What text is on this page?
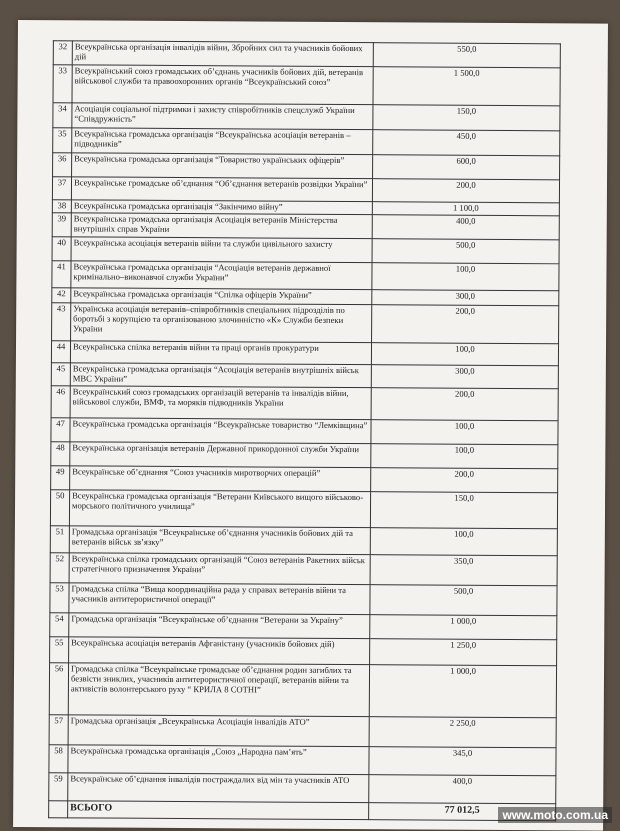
32	Всеукраїнська організація інвалідів війни, Збройних сил та учасників бойових дій	550,0
33	Всеукраїнський союз громадських об’єднань учасників бойових дій, ветеранів військової служби та правоохоронних органів “Всеукраїнський союз”	1 500,0
34	Асоціація соціальної підтримки і захисту співробітників спецслужб України “Співдружність”	150,0
35	Всеукраїнська громадська організація “Всеукраїнська асоціація ветеранів – підводників”	450,0
36	Всеукраїнська громадська організація “Товариство українських офіцерів”	600,0
37	Всеукраїнське громадське об’єднання “Об’єднання ветеранів розвідки України”	200,0
38	Всеукраїнська громадська організація “Закінчимо війну”	1 100,0
39	Всеукраїнська громадська організація Асоціація ветеранів Міністерства внутрішніх справ України	400,0
40	Всеукраїнська асоціація ветеранів війни та служби цивільного захисту	500,0
41	Всеукраїнська громадська організація “Асоціація ветеранів державної кримінально–виконавчої служби України”	100,0
42	Всеукраїнська громадська організація “Спілка офіцерів України”	300,0
43	Українська асоціація ветеранів–співробітників спеціальних підрозділів по боротьбі з корупцією та організованою злочинністю «К» Служби безпеки України	200,0
44	Всеукраїнська спілка ветеранів війни та праці органів прокуратури	100,0
45	Всеукраїнська громадська організація “Асоціація ветеранів внутрішніх військ МВС України”	300,0
46	Всеукраїнський союз громадських організацій ветеранів та інвалідів війни, військової служби, ВМФ, та моряків підводників України	200,0
47	Всеукраїнська громадська організація “Всеукраїнське товариство “Лемківщина”	100,0
48	Всеукраїнська організація ветеранів Державної прикордонної служби України	100,0
49	Всеукраїнське об’єднання “Союз учасників миротворчих операцій”	200,0
50	Всеукраїнська громадська організація “Ветерани Київського вищого військово-морського політичного училища”	150,0
51	Громадська організація “Всеукраїнське об’єднання учасників бойових дій та ветеранів військ зв’язку”	100,0
52	Всеукраїнська спілка громадських організацій “Союз ветеранів Ракетних військ стратегічного призначення України”	350,0
53	Громадська спілка “Вища координаційна рада у справах ветеранів війни та учасників антитерористичної операції”	500,0
54	Громадська організація “Всеукраїнське об’єднання “Ветерани за Україну”	1 000,0
55	Всеукраїнська асоціація ветеранів Афганістану (учасників бойових дій)	1 250,0
56	Громадська спілка “Всеукраїнське громадське об’єднання родин загиблих та безвісти зниклих, учасників антитерористичної операції, ветеранів війни та активістів волонтерського руху “ КРИЛА 8 СОТНІ”	1 000,0
57	Громадська організація „Всеукраїнська Асоціація інвалідів АТО”	2 250,0
58	Всеукраїнська громадська організація „Союз „Народна пам’ять”	345,0
59	Всеукраїнське об’єднання інвалідів постраждалих від мін та учасників АТО	400,0
	ВСЬОГО	77 012,5
www.moto.com.ua
